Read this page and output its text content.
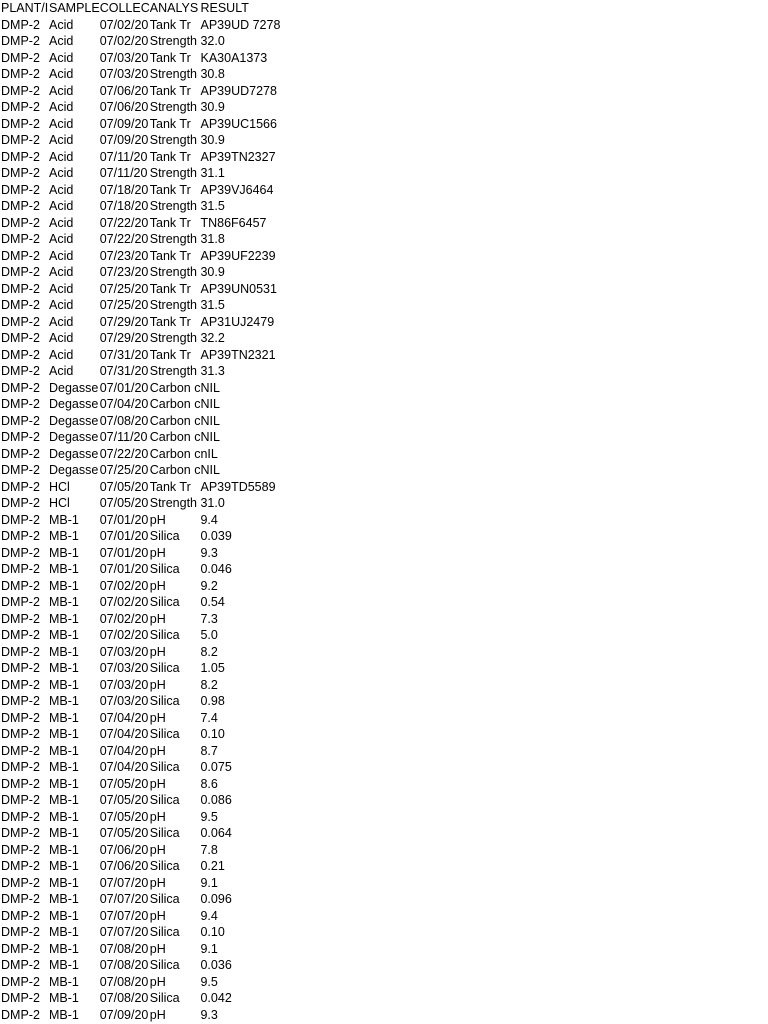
PLANT/I	SAMPLE	COLLEC	ANALYS	RESULT
DMP-2	Acid	07/02/20	Tank Tr	AP39UD 7278
DMP-2	Acid	07/02/20	Strength	32.0
DMP-2	Acid	07/03/20	Tank Tr	KA30A1373
DMP-2	Acid	07/03/20	Strength	30.8
DMP-2	Acid	07/06/20	Tank Tr	AP39UD7278
DMP-2	Acid	07/06/20	Strength	30.9
DMP-2	Acid	07/09/20	Tank Tr	AP39UC1566
DMP-2	Acid	07/09/20	Strength	30.9
DMP-2	Acid	07/11/20	Tank Tr	AP39TN2327
DMP-2	Acid	07/11/20	Strength	31.1
DMP-2	Acid	07/18/20	Tank Tr	AP39VJ6464
DMP-2	Acid	07/18/20	Strength	31.5
DMP-2	Acid	07/22/20	Tank Tr	TN86F6457
DMP-2	Acid	07/22/20	Strength	31.8
DMP-2	Acid	07/23/20	Tank Tr	AP39UF2239
DMP-2	Acid	07/23/20	Strength	30.9
DMP-2	Acid	07/25/20	Tank Tr	AP39UN0531
DMP-2	Acid	07/25/20	Strength	31.5
DMP-2	Acid	07/29/20	Tank Tr	AP31UJ2479
DMP-2	Acid	07/29/20	Strength	32.2
DMP-2	Acid	07/31/20	Tank Tr	AP39TN2321
DMP-2	Acid	07/31/20	Strength	31.3
DMP-2	Degasse	07/01/20	Carbon c	NIL
DMP-2	Degasse	07/04/20	Carbon c	NIL
DMP-2	Degasse	07/08/20	Carbon c	NIL
DMP-2	Degasse	07/11/20	Carbon c	NIL
DMP-2	Degasse	07/22/20	Carbon c	nIL
DMP-2	Degasse	07/25/20	Carbon c	NIL
DMP-2	HCl	07/05/20	Tank Tr	AP39TD5589
DMP-2	HCl	07/05/20	Strength	31.0
DMP-2	MB-1	07/01/20	pH	9.4
DMP-2	MB-1	07/01/20	Silica	0.039
DMP-2	MB-1	07/01/20	pH	9.3
DMP-2	MB-1	07/01/20	Silica	0.046
DMP-2	MB-1	07/02/20	pH	9.2
DMP-2	MB-1	07/02/20	Silica	0.54
DMP-2	MB-1	07/02/20	pH	7.3
DMP-2	MB-1	07/02/20	Silica	5.0
DMP-2	MB-1	07/03/20	pH	8.2
DMP-2	MB-1	07/03/20	Silica	1.05
DMP-2	MB-1	07/03/20	pH	8.2
DMP-2	MB-1	07/03/20	Silica	0.98
DMP-2	MB-1	07/04/20	pH	7.4
DMP-2	MB-1	07/04/20	Silica	0.10
DMP-2	MB-1	07/04/20	pH	8.7
DMP-2	MB-1	07/04/20	Silica	0.075
DMP-2	MB-1	07/05/20	pH	8.6
DMP-2	MB-1	07/05/20	Silica	0.086
DMP-2	MB-1	07/05/20	pH	9.5
DMP-2	MB-1	07/05/20	Silica	0.064
DMP-2	MB-1	07/06/20	pH	7.8
DMP-2	MB-1	07/06/20	Silica	0.21
DMP-2	MB-1	07/07/20	pH	9.1
DMP-2	MB-1	07/07/20	Silica	0.096
DMP-2	MB-1	07/07/20	pH	9.4
DMP-2	MB-1	07/07/20	Silica	0.10
DMP-2	MB-1	07/08/20	pH	9.1
DMP-2	MB-1	07/08/20	Silica	0.036
DMP-2	MB-1	07/08/20	pH	9.5
DMP-2	MB-1	07/08/20	Silica	0.042
DMP-2	MB-1	07/09/20	pH	9.3
